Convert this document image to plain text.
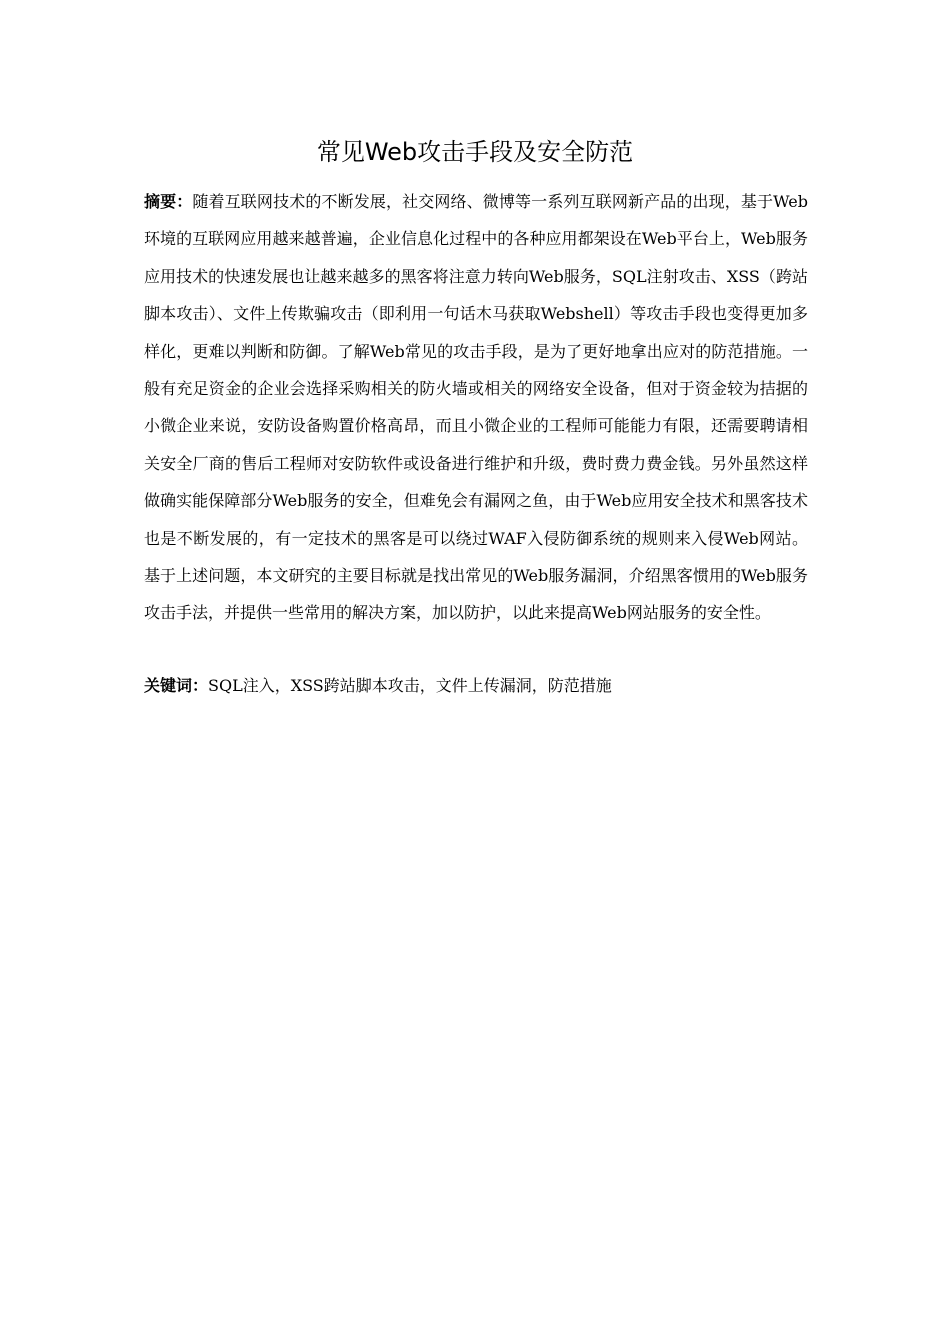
常见Web攻击手段及安全防范

摘要：随着互联网技术的不断发展，社交网络、微博等一系列互联网新产品的出现，基于Web环境的互联网应用越来越普遍，企业信息化过程中的各种应用都架设在Web平台上，Web服务应用技术的快速发展也让越来越多的黑客将注意力转向Web服务，SQL注射攻击、XSS（跨站脚本攻击）、文件上传欺骗攻击（即利用一句话木马获取Webshell）等攻击手段也变得更加多样化，更难以判断和防御。了解Web常见的攻击手段，是为了更好地拿出应对的防范措施。一般有充足资金的企业会选择采购相关的防火墙或相关的网络安全设备，但对于资金较为拮据的小微企业来说，安防设备购置价格高昂，而且小微企业的工程师可能能力有限，还需要聘请相关安全厂商的售后工程师对安防软件或设备进行维护和升级，费时费力费金钱。另外虽然这样做确实能保障部分Web服务的安全，但难免会有漏网之鱼，由于Web应用安全技术和黑客技术也是不断发展的，有一定技术的黑客是可以绕过WAF入侵防御系统的规则来入侵Web网站。基于上述问题，本文研究的主要目标就是找出常见的Web服务漏洞，介绍黑客惯用的Web服务攻击手法，并提供一些常用的解决方案，加以防护，以此来提高Web网站服务的安全性。

关键词：SQL注入，XSS跨站脚本攻击，文件上传漏洞，防范措施
